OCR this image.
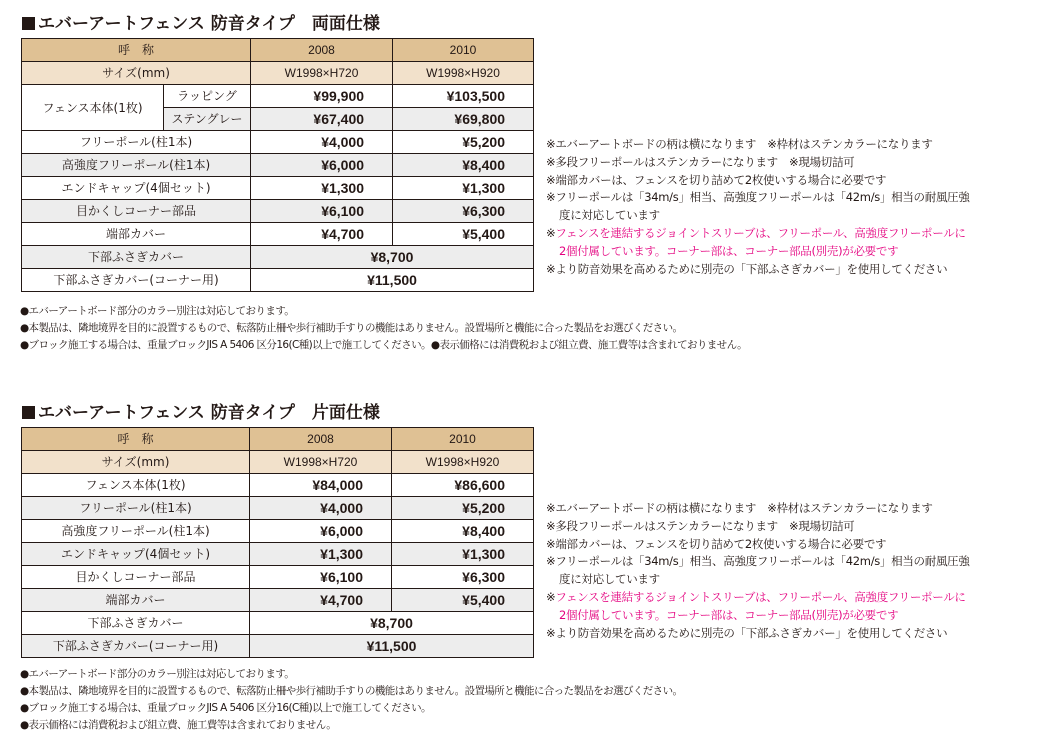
エバーアートフェンス 防音タイプ　両面仕様
呼　称		2008	2010
サイズ(mm)		W1998×H720	W1998×H920
フェンス本体(1枚)	ラッピング	¥99,900	¥103,500
	ステングレー	¥67,400	¥69,800
フリーポール(柱1本)		¥4,000	¥5,200
高強度フリーポール(柱1本)		¥6,000	¥8,400
エンドキャップ(4個セット)		¥1,300	¥1,300
目かくしコーナー部品		¥6,100	¥6,300
端部カバー		¥4,700	¥5,400
下部ふさぎカバー		¥8,700	
下部ふさぎカバー(コーナー用)		¥11,500	
※エバーアートボードの柄は横になります　※枠材はステンカラーになります
※多段フリーポールはステンカラーになります　※現場切詰可
※端部カバーは、フェンスを切り詰めて2枚使いする場合に必要です
※フリーポールは「34m/s」相当、高強度フリーポールは「42m/s」相当の耐風圧強
度に対応しています
※フェンスを連結するジョイントスリーブは、フリーポール、高強度フリーポールに
2個付属しています。コーナー部は、コーナー部品(別売)が必要です
※より防音効果を高めるために別売の「下部ふさぎカバー」を使用してください
●エバーアートボード部分のカラー別注は対応しております。
●本製品は、隣地境界を目的に設置するもので、転落防止柵や歩行補助手すりの機能はありません。設置場所と機能に合った製品をお選びください。
●ブロック施工する場合は、重量ブロックJIS A 5406 区分16(C種)以上で施工してください。●表示価格には消費税および組立費、施工費等は含まれておりません。
エバーアートフェンス 防音タイプ　片面仕様
呼　称	2008	2010
サイズ(mm)	W1998×H720	W1998×H920
フェンス本体(1枚)	¥84,000	¥86,600
フリーポール(柱1本)	¥4,000	¥5,200
高強度フリーポール(柱1本)	¥6,000	¥8,400
エンドキャップ(4個セット)	¥1,300	¥1,300
目かくしコーナー部品	¥6,100	¥6,300
端部カバー	¥4,700	¥5,400
下部ふさぎカバー	¥8,700	
下部ふさぎカバー(コーナー用)	¥11,500	
※エバーアートボードの柄は横になります　※枠材はステンカラーになります
※多段フリーポールはステンカラーになります　※現場切詰可
※端部カバーは、フェンスを切り詰めて2枚使いする場合に必要です
※フリーポールは「34m/s」相当、高強度フリーポールは「42m/s」相当の耐風圧強
度に対応しています
※フェンスを連結するジョイントスリーブは、フリーポール、高強度フリーポールに
2個付属しています。コーナー部は、コーナー部品(別売)が必要です
※より防音効果を高めるために別売の「下部ふさぎカバー」を使用してください
●エバーアートボード部分のカラー別注は対応しております。
●本製品は、隣地境界を目的に設置するもので、転落防止柵や歩行補助手すりの機能はありません。設置場所と機能に合った製品をお選びください。
●ブロック施工する場合は、重量ブロックJIS A 5406 区分16(C種)以上で施工してください。
●表示価格には消費税および組立費、施工費等は含まれておりません。
